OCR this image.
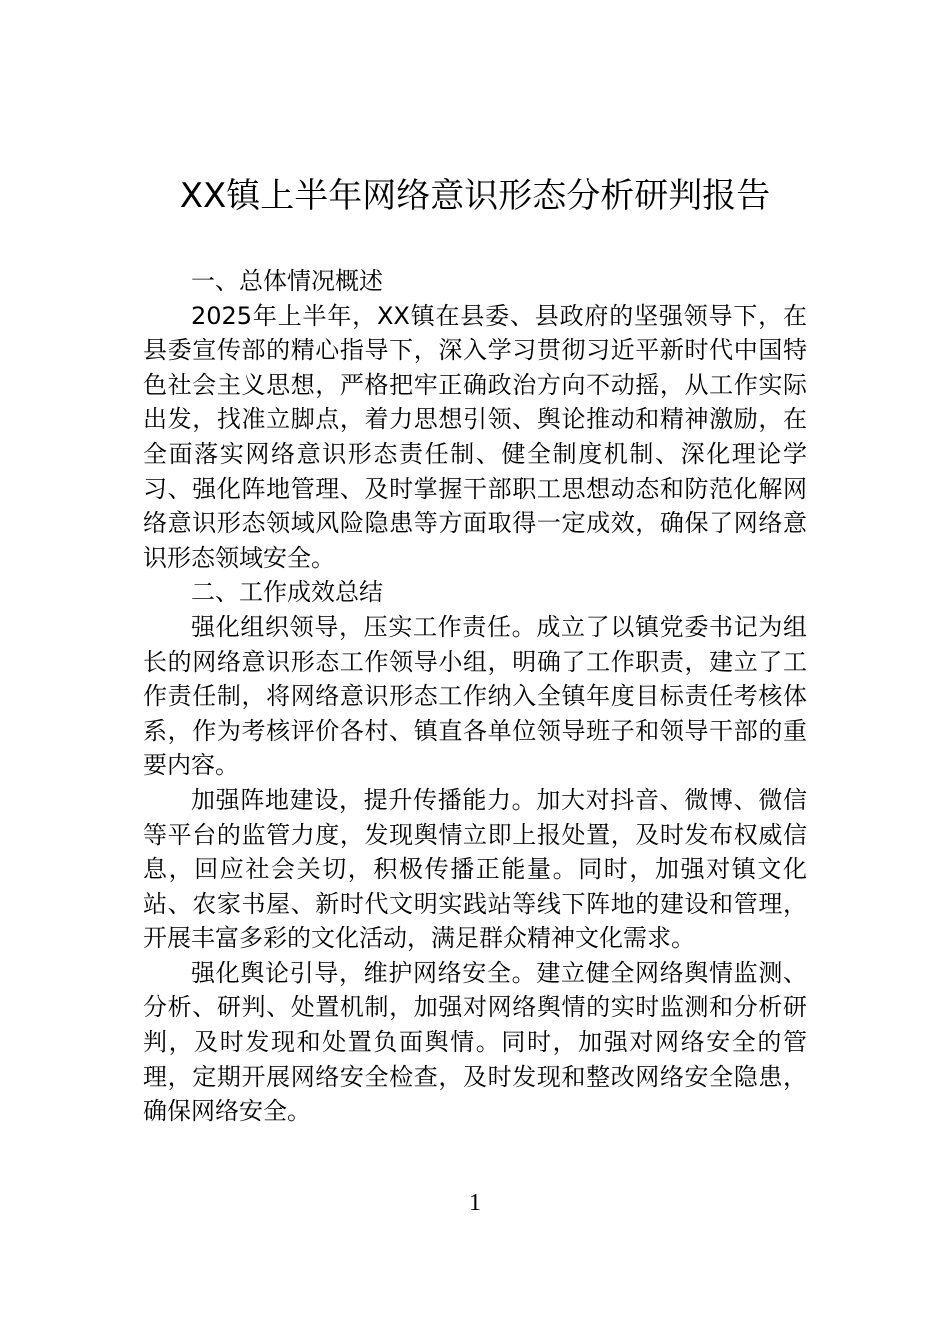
XX镇上半年网络意识形态分析研判报告

一、总体情况概述

2025年上半年，XX镇在县委、县政府的坚强领导下，在县委宣传部的精心指导下，深入学习贯彻习近平新时代中国特色社会主义思想，严格把牢正确政治方向不动摇，从工作实际出发，找准立脚点，着力思想引领、舆论推动和精神激励，在全面落实网络意识形态责任制、健全制度机制、深化理论学习、强化阵地管理、及时掌握干部职工思想动态和防范化解网络意识形态领域风险隐患等方面取得一定成效，确保了网络意识形态领域安全。

二、工作成效总结

强化组织领导，压实工作责任。成立了以镇党委书记为组长的网络意识形态工作领导小组，明确了工作职责，建立了工作责任制，将网络意识形态工作纳入全镇年度目标责任考核体系，作为考核评价各村、镇直各单位领导班子和领导干部的重要内容。

加强阵地建设，提升传播能力。加大对抖音、微博、微信等平台的监管力度，发现舆情立即上报处置，及时发布权威信息，回应社会关切，积极传播正能量。同时，加强对镇文化站、农家书屋、新时代文明实践站等线下阵地的建设和管理，开展丰富多彩的文化活动，满足群众精神文化需求。

强化舆论引导，维护网络安全。建立健全网络舆情监测、分析、研判、处置机制，加强对网络舆情的实时监测和分析研判，及时发现和处置负面舆情。同时，加强对网络安全的管理，定期开展网络安全检查，及时发现和整改网络安全隐患，确保网络安全。

1
